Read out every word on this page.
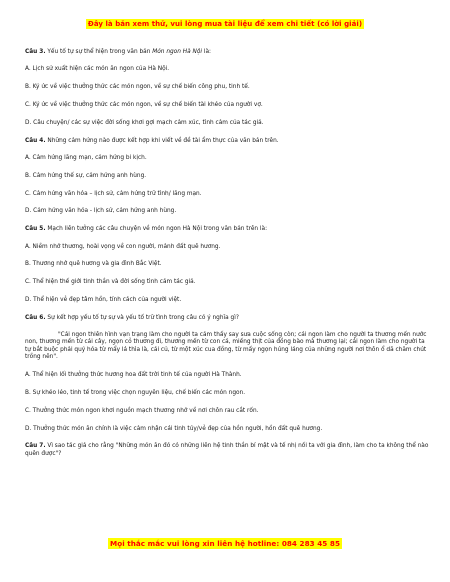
Đây là bản xem thử, vui lòng mua tài liệu để xem chi tiết (có lời giải)

Câu 3. Yếu tố tự sự thể hiện trong văn bản Món ngon Hà Nội là:

A. Lịch sử xuất hiện các món ăn ngon của Hà Nội.

B. Ký ức về việc thưởng thức các món ngon, về sự chế biến công phu, tinh tế.

C. Ký ức về việc thưởng thức các món ngon, về sự chế biến tài khéo của người vợ.

D. Câu chuyện/ các sự việc đời sống khơi gợi mạch cảm xúc, tình cảm của tác giả.

Câu 4. Những cảm hứng nào được kết hợp khi viết về đề tài ẩm thực của văn bản trên.

A. Cảm hứng lãng mạn, cảm hứng bi kịch.

B. Cảm hứng thế sự, cảm hứng anh hùng.

C. Cảm hứng văn hóa – lịch sử, cảm hứng trữ tình/ lãng mạn.

D. Cảm hứng văn hóa - lịch sử, cảm hứng anh hùng.

Câu 5. Mạch liên tưởng các câu chuyện về món ngon Hà Nội trong văn bản trên là:

A. Niềm nhớ thương, hoài vọng về con người, mảnh đất quê hương.

B. Thương nhớ quê hương và gia đình Bắc Việt.

C. Thể hiện thế giới tinh thần và đời sống tình cảm tác giả.

D. Thể hiện vẻ đẹp tâm hồn, tính cách của người việt.

Câu 6. Sự kết hợp yếu tố tự sự và yếu tố trữ tình trong câu có ý nghĩa gì?

"Cái ngon thiên hình vạn trạng làm cho người ta cảm thấy say sưa cuộc sống còn; cái ngon làm cho người ta thương mến nước non, thương mến từ cái cây, ngọn cỏ thương đi, thương mến từ con cá, miếng thịt của đồng bào mà thương lại; cái ngon làm cho người ta tự bắt buộc phải quý hóa từ mẩy lá thìa là, cái củ, từ một xúc cua đồng, từ mấy ngọn húng láng của những người nơi thôn ổ dã chăm chút trồng nên".

A. Thể hiện lối thưởng thức hương hoa đất trời tinh tế của người Hà Thành.

B. Sự khéo léo, tinh tế trong việc chọn nguyên liệu, chế biến các món ngon.

C. Thưởng thức món ngon khơi nguồn mạch thương nhớ về nơi chôn rau cắt rốn.

D. Thưởng thức món ăn chính là việc cảm nhận cái tinh túy/vẻ đẹp của hồn người, hồn đất quê hương.

Câu 7. Vì sao tác giả cho rằng "Những món ăn đó có những liên hệ tinh thần bí mật và tế nhị nối ta với gia đình, làm cho ta không thể nào quên được"?

Mọi thắc mắc vui lòng xin liên hệ hotline: 084 283 45 85
